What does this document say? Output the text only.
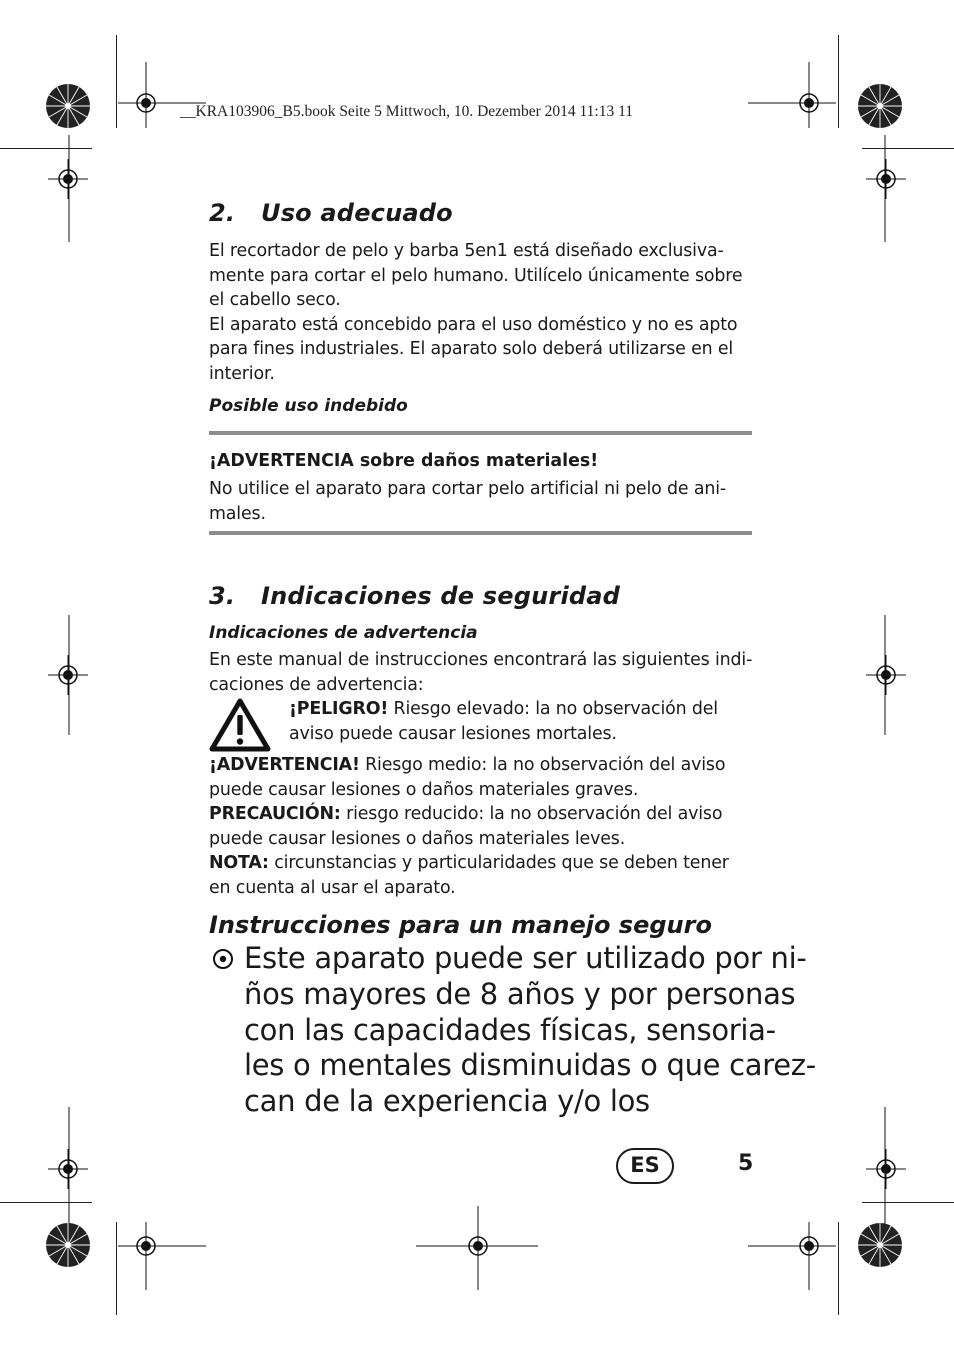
__KRA103906_B5.book Seite 5 Mittwoch, 10. Dezember 2014 11:13 11
2. Uso adecuado
El recortador de pelo y barba 5en1 está diseñado exclusiva-
mente para cortar el pelo humano. Utilícelo únicamente sobre
el cabello seco.
El aparato está concebido para el uso doméstico y no es apto
para fines industriales. El aparato solo deberá utilizarse en el
interior.
Posible uso indebido
¡ADVERTENCIA sobre daños materiales!
No utilice el aparato para cortar pelo artificial ni pelo de ani-
males.
3. Indicaciones de seguridad
Indicaciones de advertencia
En este manual de instrucciones encontrará las siguientes indi-
caciones de advertencia:
¡PELIGRO! Riesgo elevado: la no observación del
aviso puede causar lesiones mortales.
¡ADVERTENCIA! Riesgo medio: la no observación del aviso
puede causar lesiones o daños materiales graves.
PRECAUCIÓN: riesgo reducido: la no observación del aviso
puede causar lesiones o daños materiales leves.
NOTA: circunstancias y particularidades que se deben tener
en cuenta al usar el aparato.
Instrucciones para un manejo seguro
Este aparato puede ser utilizado por ni-
ños mayores de 8 años y por personas
con las capacidades físicas, sensoria-
les o mentales disminuidas o que carez-
can de la experiencia y/o los
ES	5
